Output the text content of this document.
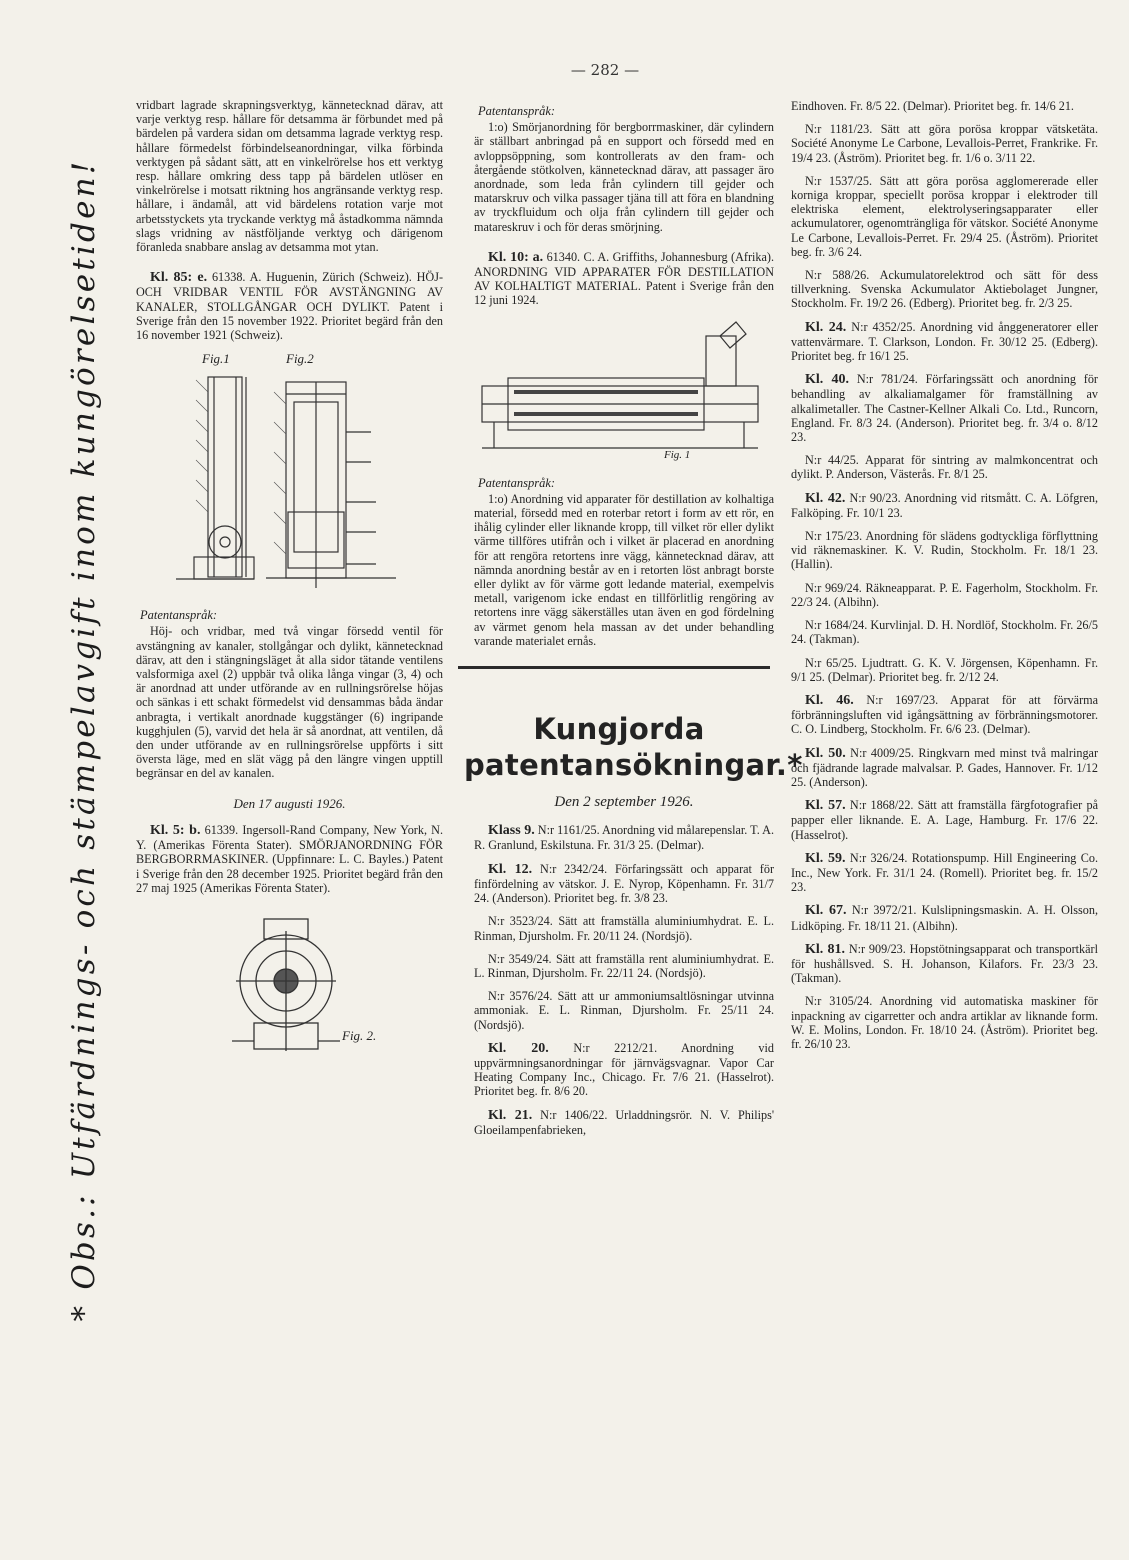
* Obs.: Utfärdnings- och stämpelavgift inom kungörelsetiden!
— 282 —

vridbart lagrade skrapningsverktyg, kännetecknad därav, att varje verktyg resp. hållare för detsamma är förbundet med på bärdelen på vardera sidan om detsamma lagrade verktyg resp. hållare förmedelst förbindelseanordningar, vilka förbinda verktygen på sådant sätt, att en vinkelrörelse hos ett verktyg resp. hållare omkring dess tapp på bärdelen utlöser en vinkelrörelse i motsatt riktning hos angränsande verktyg resp. hållare, i ändamål, att vid bärdelens rotation varje mot arbetsstyckets yta tryckande verktyg må åstadkomma nämnda slags vridning av nästföljande verktyg och därigenom föranleda snabbare anslag av detsamma mot ytan.

Kl. 85: e. 61338. A. Huguenin, Zürich (Schweiz). HÖJ- OCH VRIDBAR VENTIL FÖR AVSTÄNGNING AV KANALER, STOLLGÅNGAR OCH DYLIKT. Patent i Sverige från den 15 november 1922. Prioritet begärd från den 16 november 1921 (Schweiz).

Fig.1	Fig.2

Patentanspråk:

Höj- och vridbar, med två vingar försedd ventil för avstängning av kanaler, stollgångar och dylikt, kännetecknad därav, att den i stängningsläget åt alla sidor tätande ventilens valsformiga axel (2) uppbär två olika långa vingar (3, 4) och är anordnad att under utförande av en rullningsrörelse höjas och sänkas i ett schakt förmedelst vid densammas båda ändar anbragta, i vertikalt anordnade kuggstänger (6) ingripande kugghjulen (5), varvid det hela är så anordnat, att ventilen, då den under utförande av en rullningsrörelse uppförts i sitt översta läge, med en slät vägg på den längre vingen upptill begränsar en del av kanalen.

Den 17 augusti 1926.

Kl. 5: b. 61339. Ingersoll-Rand Company, New York, N. Y. (Amerikas Förenta Stater). SMÖRJANORDNING FÖR BERGBORRMASKINER. (Uppfinnare: L. C. Bayles.) Patent i Sverige från den 28 december 1925. Prioritet begärd från den 27 maj 1925 (Amerikas Förenta Stater).

Fig. 2.

Patentanspråk:

1:o) Smörjanordning för bergborrmaskiner, där cylindern är ställbart anbringad på en support och försedd med en avloppsöppning, som kontrollerats av den fram- och återgående stötkolven, kännetecknad därav, att passager äro anordnade, som leda från cylindern till gejder och matarskruv och vilka passager tjäna till att föra en blandning av tryckfluidum och olja från cylindern till gejder och matareskruv i och för deras smörjning.

Kl. 10: a. 61340. C. A. Griffiths, Johannesburg (Afrika). ANORDNING VID APPARATER FÖR DESTILLATION AV KOLHALTIGT MATERIAL. Patent i Sverige från den 12 juni 1924.

Fig. 1

Patentanspråk:

1:o) Anordning vid apparater för destillation av kolhaltiga material, försedd med en roterbar retort i form av ett rör, en ihålig cylinder eller liknande kropp, till vilket rör eller dylikt värme tillföres utifrån och i vilket är placerad en anordning för att rengöra retortens inre vägg, kännetecknad därav, att nämnda anordning består av en i retorten löst anbragt borste eller dylikt av för värme gott ledande material, exempelvis metall, varigenom icke endast en tillförlitlig rengöring av retortens inre vägg säkerställes utan även en god fördelning av värmet genom hela massan av det under behandling varande materialet ernås.

Kungjorda patentansökningar.*

Den 2 september 1926.

Klass 9. N:r 1161/25. Anordning vid målarepenslar. T. A. R. Granlund, Eskilstuna. Fr. 31/3 25. (Delmar).

Kl. 12. N:r 2342/24. Förfaringssätt och apparat för finfördelning av vätskor. J. E. Nyrop, Köpenhamn. Fr. 31/7 24. (Anderson). Prioritet beg. fr. 3/8 23.

N:r 3523/24. Sätt att framställa aluminiumhydrat. E. L. Rinman, Djursholm. Fr. 20/11 24. (Nordsjö).

N:r 3549/24. Sätt att framställa rent aluminiumhydrat. E. L. Rinman, Djursholm. Fr. 22/11 24. (Nordsjö).

N:r 3576/24. Sätt att ur ammoniumsaltlösningar utvinna ammoniak. E. L. Rinman, Djursholm. Fr. 25/11 24. (Nordsjö).

Kl. 20. N:r 2212/21. Anordning vid uppvärmningsanordningar för järnvägsvagnar. Vapor Car Heating Company Inc., Chicago. Fr. 7/6 21. (Hasselrot). Prioritet beg. fr. 8/6 20.

Kl. 21. N:r 1406/22. Urladdningsrör. N. V. Philips' Gloeilampenfabrieken,

Eindhoven. Fr. 8/5 22. (Delmar). Prioritet beg. fr. 14/6 21.

N:r 1181/23. Sätt att göra porösa kroppar vätsketäta. Société Anonyme Le Carbone, Levallois-Perret, Frankrike. Fr. 19/4 23. (Åström). Prioritet beg. fr. 1/6 o. 3/11 22.

N:r 1537/25. Sätt att göra porösa agglomererade eller korniga kroppar, speciellt porösa kroppar i elektroder till elektriska element, elektrolyseringsapparater eller ackumulatorer, ogenomträngliga för vätskor. Société Anonyme Le Carbone, Levallois-Perret. Fr. 29/4 25. (Åström). Prioritet beg. fr. 3/6 24.

N:r 588/26. Ackumulatorelektrod och sätt för dess tillverkning. Svenska Ackumulator Aktiebolaget Jungner, Stockholm. Fr. 19/2 26. (Edberg). Prioritet beg. fr. 2/3 25.

Kl. 24. N:r 4352/25. Anordning vid ånggeneratorer eller vattenvärmare. T. Clarkson, London. Fr. 30/12 25. (Edberg). Prioritet beg. fr 16/1 25.

Kl. 40. N:r 781/24. Förfaringssätt och anordning för behandling av alkaliamalgamer för framställning av alkalimetaller. The Castner-Kellner Alkali Co. Ltd., Runcorn, England. Fr. 8/3 24. (Anderson). Prioritet beg. fr. 3/4 o. 8/12 23.

N:r 44/25. Apparat för sintring av malmkoncentrat och dylikt. P. Anderson, Västerås. Fr. 8/1 25.

Kl. 42. N:r 90/23. Anordning vid ritsmått. C. A. Löfgren, Falköping. Fr. 10/1 23.

N:r 175/23. Anordning för slädens godtyckliga förflyttning vid räknemaskiner. K. V. Rudin, Stockholm. Fr. 18/1 23. (Hallin).

N:r 969/24. Räkneapparat. P. E. Fagerholm, Stockholm. Fr. 22/3 24. (Albihn).

N:r 1684/24. Kurvlinjal. D. H. Nordlöf, Stockholm. Fr. 26/5 24. (Takman).

N:r 65/25. Ljudtratt. G. K. V. Jörgensen, Köpenhamn. Fr. 9/1 25. (Delmar). Prioritet beg. fr. 2/12 24.

Kl. 46. N:r 1697/23. Apparat för att förvärma förbränningsluften vid igångsättning av förbränningsmotorer. C. O. Lindberg, Stockholm. Fr. 6/6 23. (Delmar).

Kl. 50. N:r 4009/25. Ringkvarn med minst två malringar och fjädrande lagrade malvalsar. P. Gades, Hannover. Fr. 1/12 25. (Anderson).

Kl. 57. N:r 1868/22. Sätt att framställa färgfotografier på papper eller liknande. E. A. Lage, Hamburg. Fr. 17/6 22. (Hasselrot).

Kl. 59. N:r 326/24. Rotationspump. Hill Engineering Co. Inc., New York. Fr. 31/1 24. (Romell). Prioritet beg. fr. 15/2 23.

Kl. 67. N:r 3972/21. Kulslipningsmaskin. A. H. Olsson, Lidköping. Fr. 18/11 21. (Albihn).

Kl. 81. N:r 909/23. Hopstötningsapparat och transportkärl för hushållsved. S. H. Johanson, Kilafors. Fr. 23/3 23. (Takman).

N:r 3105/24. Anordning vid automatiska maskiner för inpackning av cigarretter och andra artiklar av liknande form. W. E. Molins, London. Fr. 18/10 24. (Åström). Prioritet beg. fr. 26/10 23.
